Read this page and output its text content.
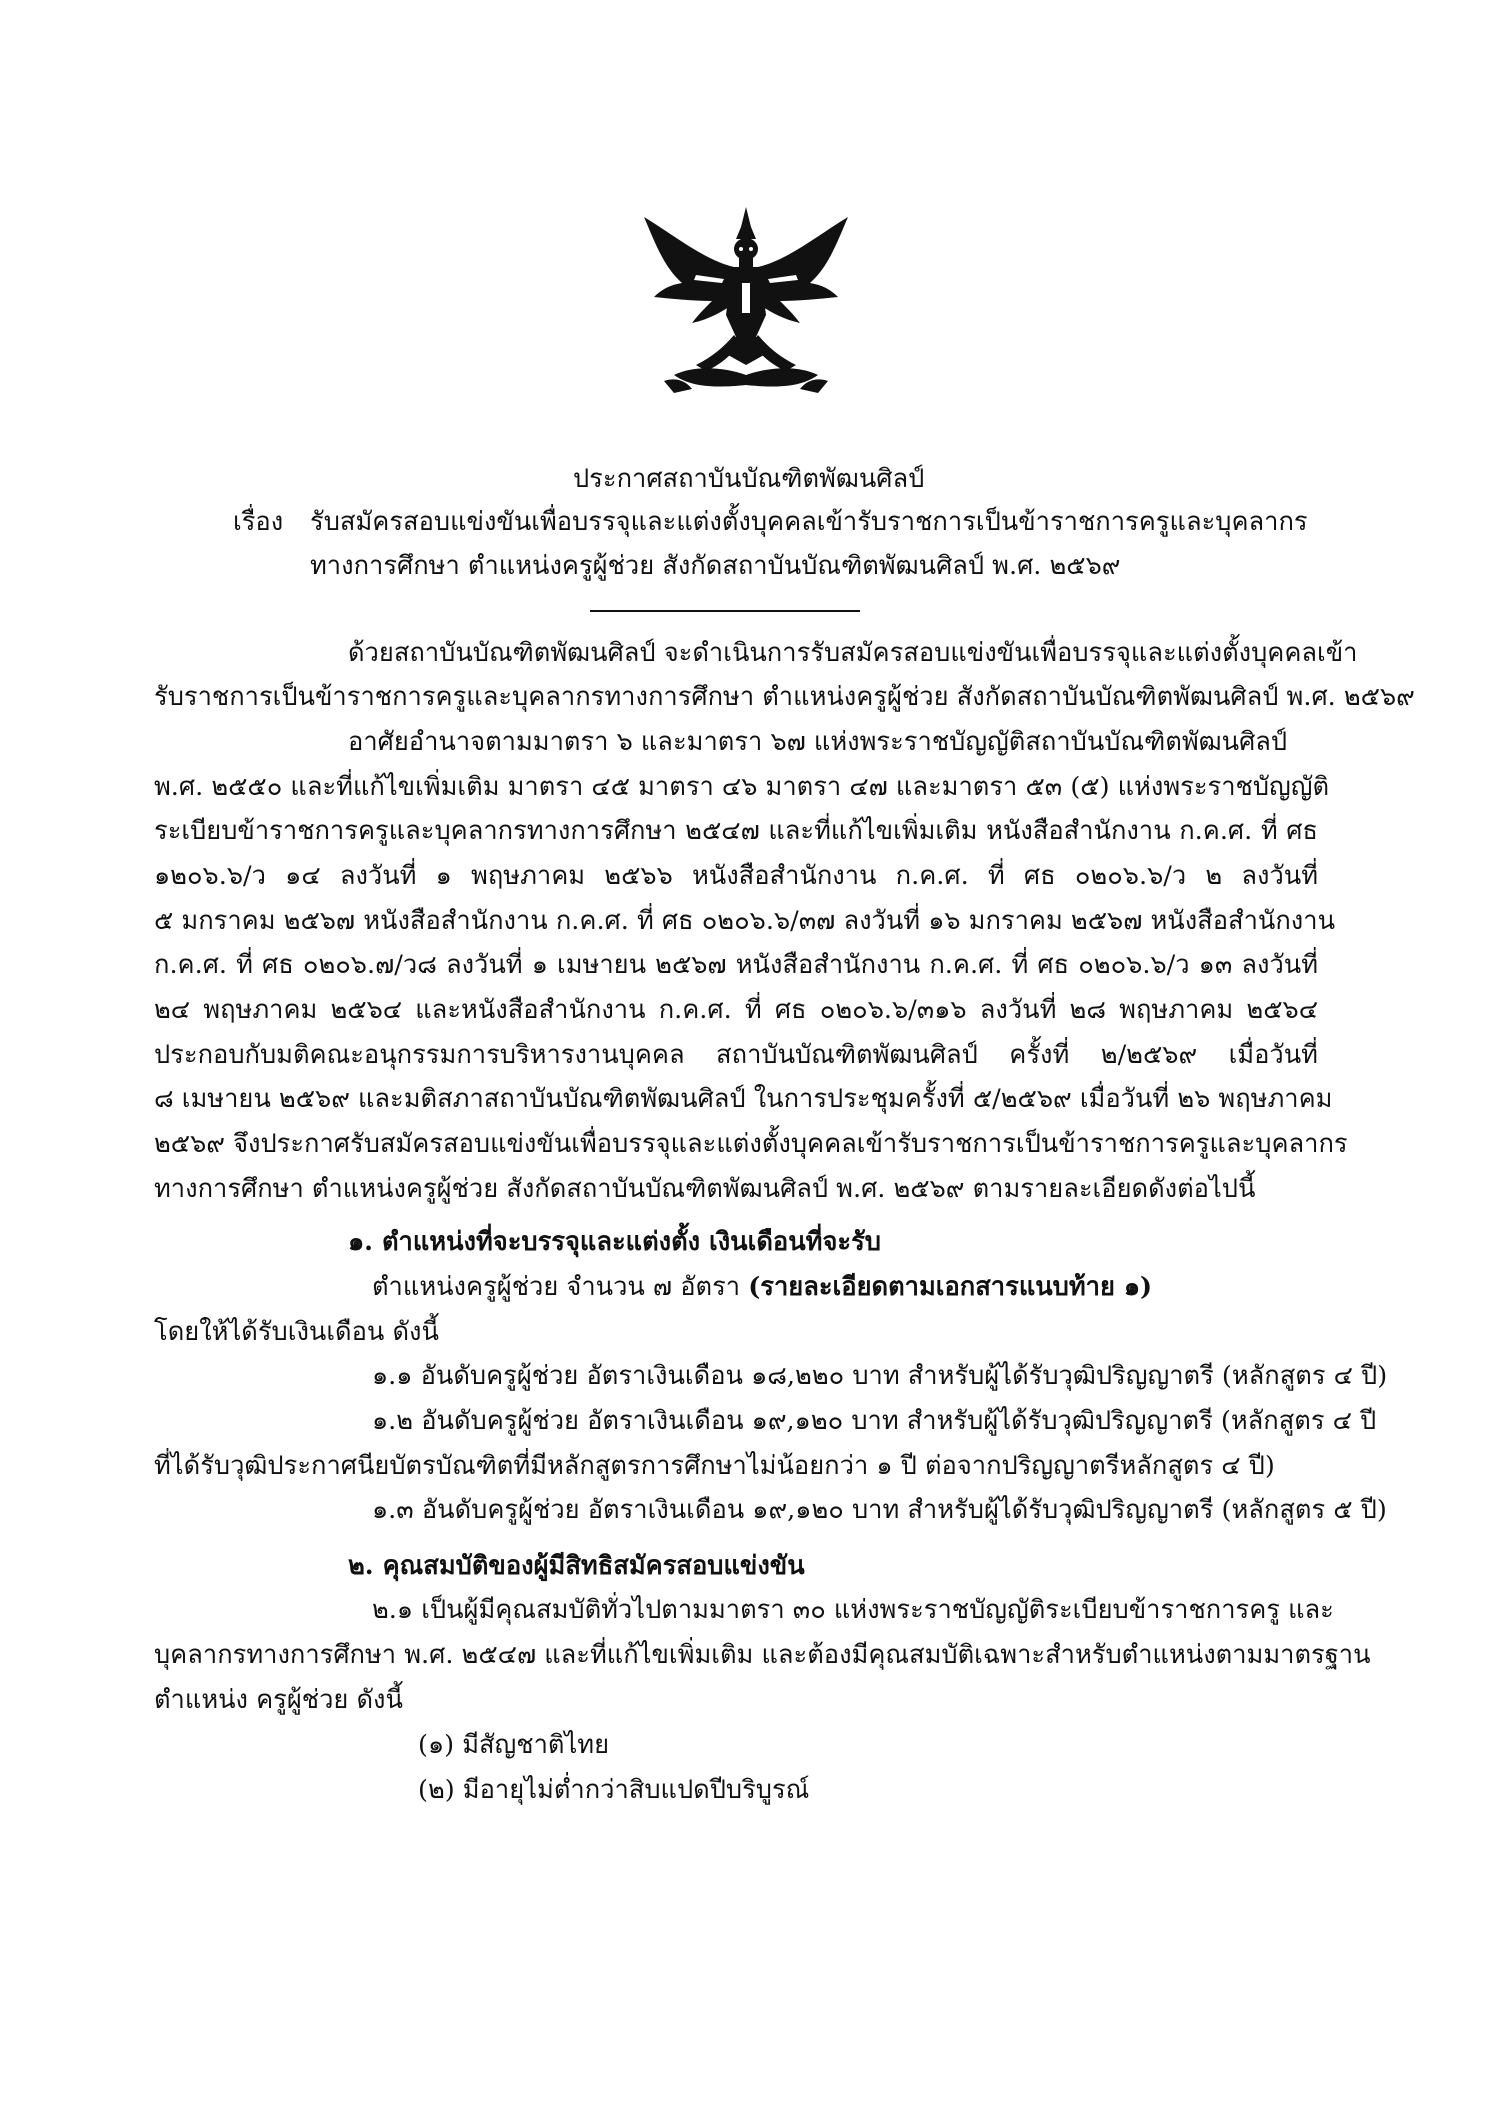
ประกาศสถาบันบัณฑิตพัฒนศิลป์
เรื่อง รับสมัครสอบแข่งขันเพื่อบรรจุและแต่งตั้งบุคคลเข้ารับราชการเป็นข้าราชการครูและบุคลากร
ทางการศึกษา ตำแหน่งครูผู้ช่วย สังกัดสถาบันบัณฑิตพัฒนศิลป์ พ.ศ. ๒๕๖๙
ด้วยสถาบันบัณฑิตพัฒนศิลป์ จะดำเนินการรับสมัครสอบแข่งขันเพื่อบรรจุและแต่งตั้งบุคคลเข้า
รับราชการเป็นข้าราชการครูและบุคลากรทางการศึกษา ตำแหน่งครูผู้ช่วย สังกัดสถาบันบัณฑิตพัฒนศิลป์ พ.ศ. ๒๕๖๙
อาศัยอำนาจตามมาตรา ๖ และมาตรา ๖๗ แห่งพระราชบัญญัติสถาบันบัณฑิตพัฒนศิลป์
พ.ศ. ๒๕๕๐ และที่แก้ไขเพิ่มเติม มาตรา ๔๕ มาตรา ๔๖ มาตรา ๔๗ และมาตรา ๕๓ (๕) แห่งพระราชบัญญัติ
ระเบียบข้าราชการครูและบุคลากรทางการศึกษา ๒๕๔๗ และที่แก้ไขเพิ่มเติม หนังสือสำนักงาน ก.ค.ศ. ที่ ศธ
๑๒๐๖.๖/ว ๑๔ ลงวันที่ ๑ พฤษภาคม ๒๕๖๖ หนังสือสำนักงาน ก.ค.ศ. ที่ ศธ ๐๒๐๖.๖/ว ๒ ลงวันที่
๕ มกราคม ๒๕๖๗ หนังสือสำนักงาน ก.ค.ศ. ที่ ศธ ๐๒๐๖.๖/๓๗ ลงวันที่ ๑๖ มกราคม ๒๕๖๗ หนังสือสำนักงาน
ก.ค.ศ. ที่ ศธ ๐๒๐๖.๗/ว๘ ลงวันที่ ๑ เมษายน ๒๕๖๗ หนังสือสำนักงาน ก.ค.ศ. ที่ ศธ ๐๒๐๖.๖/ว ๑๓ ลงวันที่
๒๔ พฤษภาคม ๒๕๖๔ และหนังสือสำนักงาน ก.ค.ศ. ที่ ศธ ๐๒๐๖.๖/๓๑๖ ลงวันที่ ๒๘ พฤษภาคม ๒๕๖๔
ประกอบกับมติคณะอนุกรรมการบริหารงานบุคคล สถาบันบัณฑิตพัฒนศิลป์ ครั้งที่ ๒/๒๕๖๙ เมื่อวันที่
๘ เมษายน ๒๕๖๙ และมติสภาสถาบันบัณฑิตพัฒนศิลป์ ในการประชุมครั้งที่ ๕/๒๕๖๙ เมื่อวันที่ ๒๖ พฤษภาคม
๒๕๖๙ จึงประกาศรับสมัครสอบแข่งขันเพื่อบรรจุและแต่งตั้งบุคคลเข้ารับราชการเป็นข้าราชการครูและบุคลากร
ทางการศึกษา ตำแหน่งครูผู้ช่วย สังกัดสถาบันบัณฑิตพัฒนศิลป์ พ.ศ. ๒๕๖๙ ตามรายละเอียดดังต่อไปนี้
๑. ตำแหน่งที่จะบรรจุและแต่งตั้ง เงินเดือนที่จะรับ
ตำแหน่งครูผู้ช่วย จำนวน ๗ อัตรา (รายละเอียดตามเอกสารแนบท้าย ๑)
โดยให้ได้รับเงินเดือน ดังนี้
๑.๑ อันดับครูผู้ช่วย อัตราเงินเดือน ๑๘,๒๒๐ บาท สำหรับผู้ได้รับวุฒิปริญญาตรี (หลักสูตร ๔ ปี)
๑.๒ อันดับครูผู้ช่วย อัตราเงินเดือน ๑๙,๑๒๐ บาท สำหรับผู้ได้รับวุฒิปริญญาตรี (หลักสูตร ๔ ปี
ที่ได้รับวุฒิประกาศนียบัตรบัณฑิตที่มีหลักสูตรการศึกษาไม่น้อยกว่า ๑ ปี ต่อจากปริญญาตรีหลักสูตร ๔ ปี)
๑.๓ อันดับครูผู้ช่วย อัตราเงินเดือน ๑๙,๑๒๐ บาท สำหรับผู้ได้รับวุฒิปริญญาตรี (หลักสูตร ๕ ปี)
๒. คุณสมบัติของผู้มีสิทธิสมัครสอบแข่งขัน
๒.๑ เป็นผู้มีคุณสมบัติทั่วไปตามมาตรา ๓๐ แห่งพระราชบัญญัติระเบียบข้าราชการครู และ
บุคลากรทางการศึกษา พ.ศ. ๒๕๔๗ และที่แก้ไขเพิ่มเติม และต้องมีคุณสมบัติเฉพาะสำหรับตำแหน่งตามมาตรฐาน
ตำแหน่ง ครูผู้ช่วย ดังนี้
(๑) มีสัญชาติไทย
(๒) มีอายุไม่ต่ำกว่าสิบแปดปีบริบูรณ์
